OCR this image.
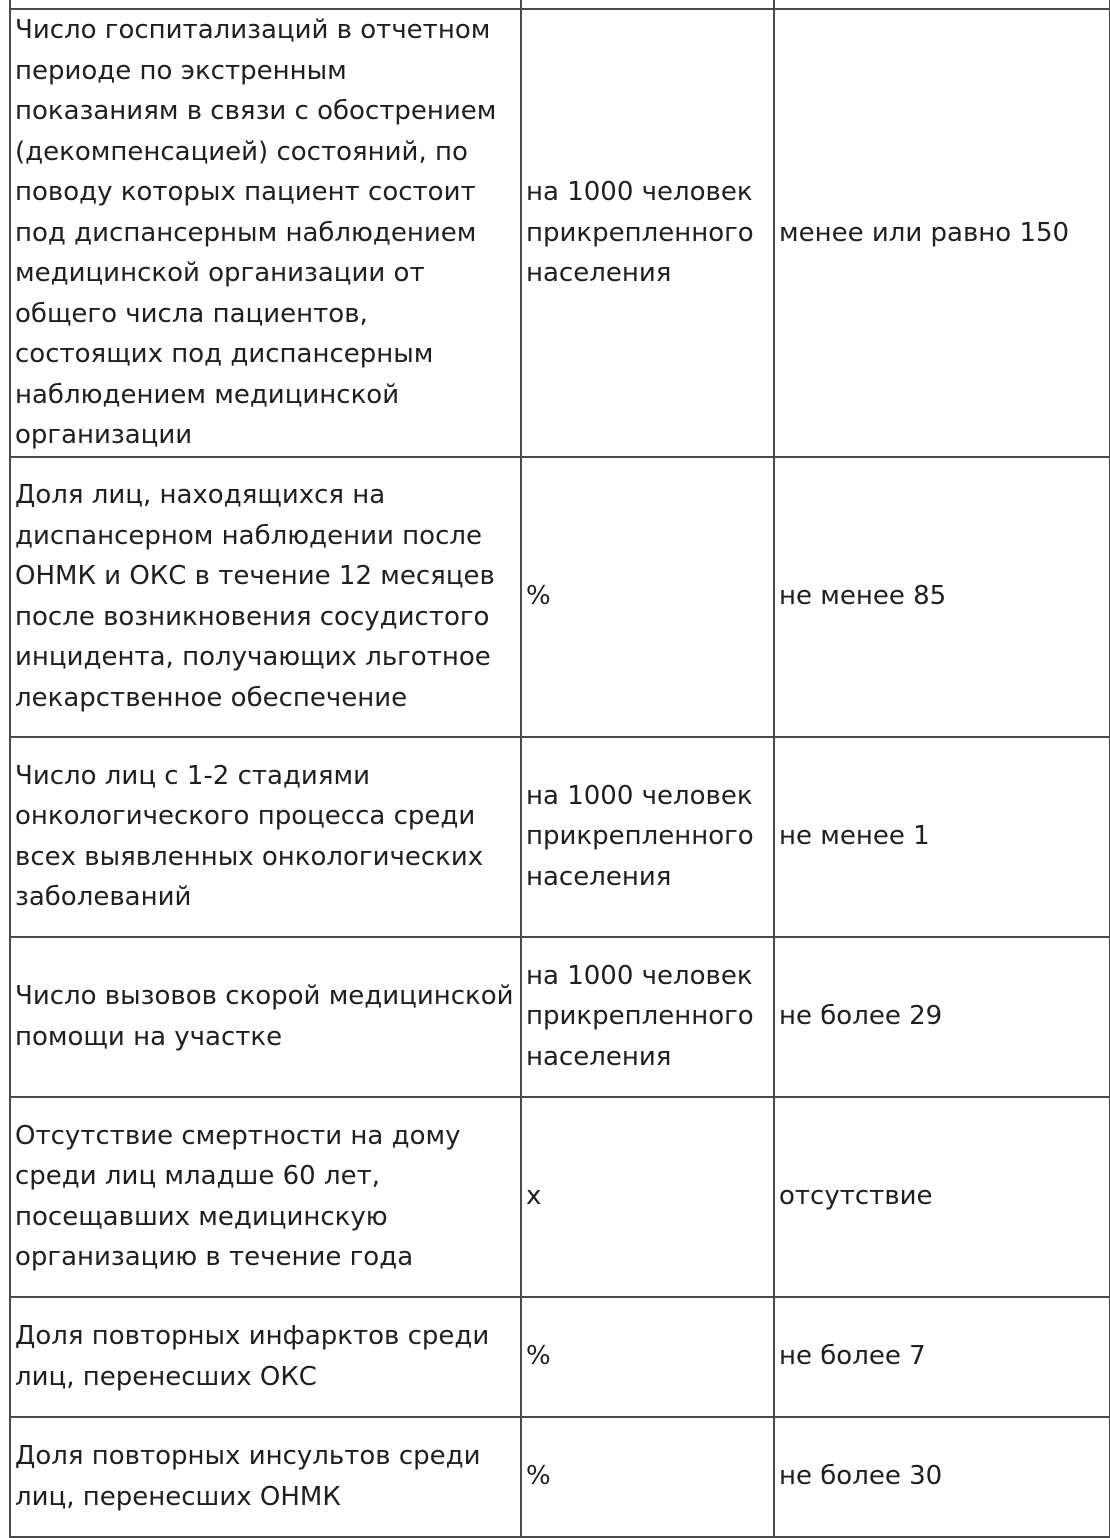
Число госпитализаций в отчетном периоде по экстренным показаниям в связи с обострением (декомпенсацией) состояний, по поводу которых пациент состоит под диспансерным наблюдением медицинской организации от общего числа пациентов, состоящих под диспансерным наблюдением медицинской организации	на 1000 человек прикрепленного населения	менее или равно 150
Доля лиц, находящихся на диспансерном наблюдении после ОНМК и ОКС в течение 12 месяцев после возникновения сосудистого инцидента, получающих льготное лекарственное обеспечение	%	не менее 85
Число лиц с 1-2 стадиями онкологического процесса среди всех выявленных онкологических заболеваний	на 1000 человек прикрепленного населения	не менее 1
Число вызовов скорой медицинской помощи на участке	на 1000 человек прикрепленного населения	не более 29
Отсутствие смертности на дому среди лиц младше 60 лет, посещавших медицинскую организацию в течение года	x	отсутствие
Доля повторных инфарктов среди лиц, перенесших ОКС	%	не более 7
Доля повторных инсультов среди лиц, перенесших ОНМК	%	не более 30
